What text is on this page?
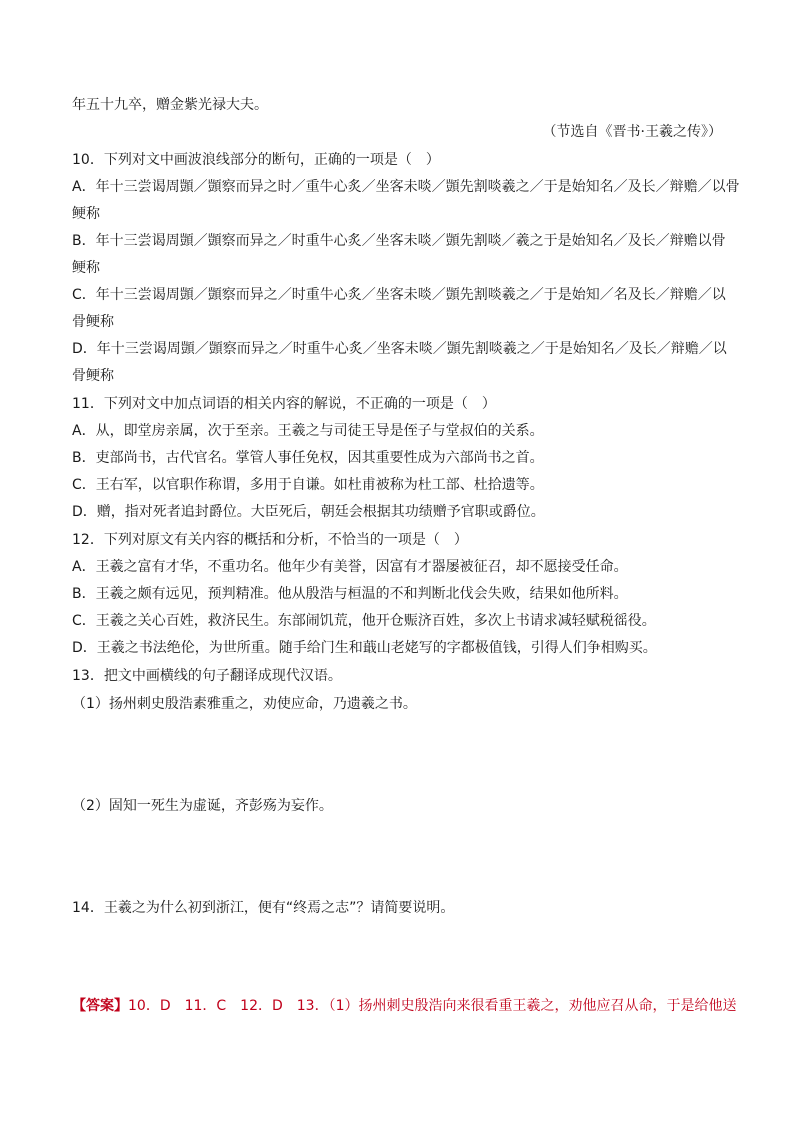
年五十九卒，赠金紫光禄大夫。
（节选自《晋书·王羲之传》）
10．下列对文中画波浪线部分的断句，正确的一项是（　）
A．年十三尝谒周顗／顗察而异之时／重牛心炙／坐客未啖／顗先割啖羲之／于是始知名／及长／辩赡／以骨
鲠称
B．年十三尝谒周顗／顗察而异之／时重牛心炙／坐客未啖／顗先割啖／羲之于是始知名／及长／辩赡以骨
鲠称
C．年十三尝谒周顗／顗察而异之／时重牛心炙／坐客未啖／顗先割啖羲之／于是始知／名及长／辩赡／以
骨鲠称
D．年十三尝谒周顗／顗察而异之／时重牛心炙／坐客未啖／顗先割啖羲之／于是始知名／及长／辩赡／以
骨鲠称
11．下列对文中加点词语的相关内容的解说，不正确的一项是（　）
A．从，即堂房亲属，次于至亲。王羲之与司徒王导是侄子与堂叔伯的关系。
B．吏部尚书，古代官名。掌管人事任免权，因其重要性成为六部尚书之首。
C．王右军，以官职作称谓，多用于自谦。如杜甫被称为杜工部、杜拾遗等。
D．赠，指对死者追封爵位。大臣死后，朝廷会根据其功绩赠予官职或爵位。
12．下列对原文有关内容的概括和分析，不恰当的一项是（　）
A．王羲之富有才华，不重功名。他年少有美誉，因富有才器屡被征召，却不愿接受任命。
B．王羲之颇有远见，预判精准。他从殷浩与桓温的不和判断北伐会失败，结果如他所料。
C．王羲之关心百姓，救济民生。东部闹饥荒，他开仓赈济百姓，多次上书请求减轻赋税徭役。
D．王羲之书法绝伦，为世所重。随手给门生和蕺山老姥写的字都极值钱，引得人们争相购买。
13．把文中画横线的句子翻译成现代汉语。
（1）扬州刺史殷浩素雅重之，劝使应命，乃遗羲之书。
（2）固知一死生为虚诞，齐彭殇为妄作。
14．王羲之为什么初到浙江，便有“终焉之志”？请简要说明。
【答案】10．D　11．C　12．D　13．（1）扬州刺史殷浩向来很看重王羲之，劝他应召从命，于是给他送
